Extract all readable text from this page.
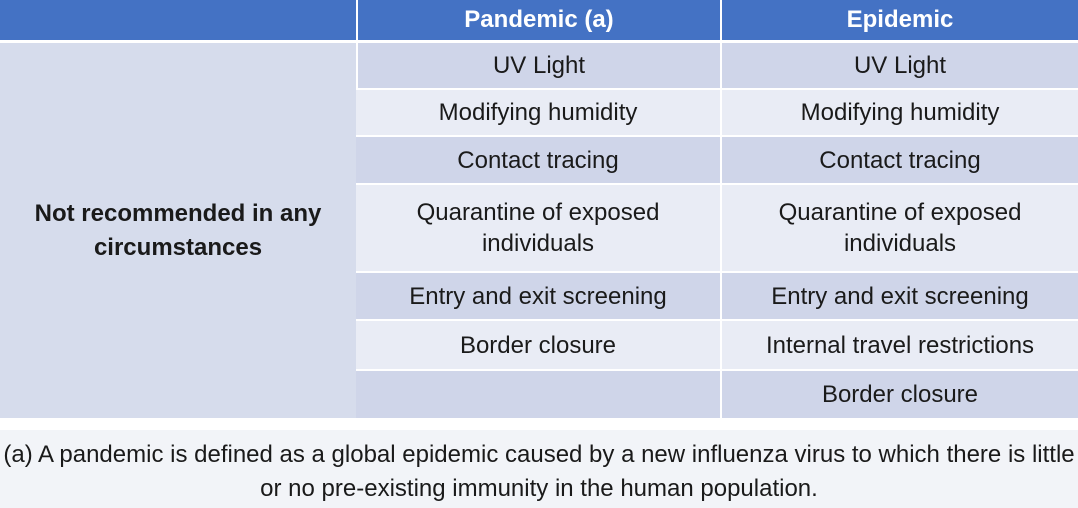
	Pandemic (a)	Epidemic
Not recommended in any circumstances	UV Light	UV Light
	Modifying humidity	Modifying humidity
	Contact tracing	Contact tracing
	Quarantine of exposed individuals	Quarantine of exposed individuals
	Entry and exit screening	Entry and exit screening
	Border closure	Internal travel restrictions
		Border closure
(a) A pandemic is defined as a global epidemic caused by a new influenza virus to which there is little or no pre-existing immunity in the human population.
